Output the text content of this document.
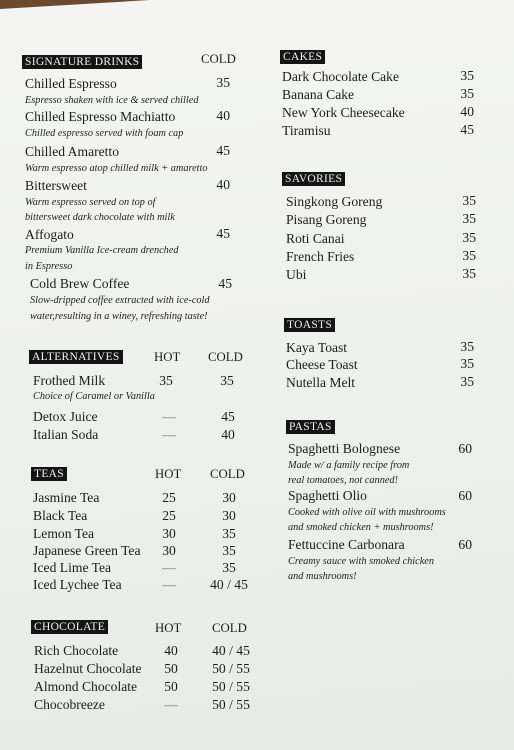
SIGNATURE DRINKS	COLD
Chilled Espresso	35
Espresso shaken with ice & served chilled
Chilled Espresso Machiatto	40
Chilled espresso served with foam cap
Chilled Amaretto	45
Warm espresso atop chilled milk + amaretto
Bittersweet	40
Warm espresso served on top of
bittersweet dark chocolate with milk
Affogato	45
Premium Vanilla Ice-cream drenched
in Espresso
Cold Brew Coffee	45
Slow-dripped coffee extracted with ice-cold
water,resulting in a winey, refreshing taste!
ALTERNATIVES	HOT COLD
Frothed Milk	35	35
Choice of Caramel or Vanilla
Detox Juice	—	45
Italian Soda	—	40
TEAS	HOT COLD
Jasmine Tea	25	30
Black Tea	25	30
Lemon Tea	30	35
Japanese Green Tea	30	35
Iced Lime Tea	—	35
Iced Lychee Tea	—	40 / 45
CHOCOLATE	HOT COLD
Rich Chocolate	40	40 / 45
Hazelnut Chocolate	50	50 / 55
Almond Chocolate	50	50 / 55
Chocobreeze	—	50 / 55
CAKES
Dark Chocolate Cake	35
Banana Cake	35
New York Cheesecake	40
Tiramisu	45
SAVORIES
Singkong Goreng	35
Pisang Goreng	35
Roti Canai	35
French Fries	35
Ubi	35
TOASTS
Kaya Toast	35
Cheese Toast	35
Nutella Melt	35
PASTAS
Spaghetti Bolognese	60
Made w/ a family recipe from
real tomatoes, not canned!
Spaghetti Olio	60
Cooked with olive oil with mushrooms
and smoked chicken + mushrooms!
Fettuccine Carbonara	60
Creamy sauce with smoked chicken
and mushrooms!
